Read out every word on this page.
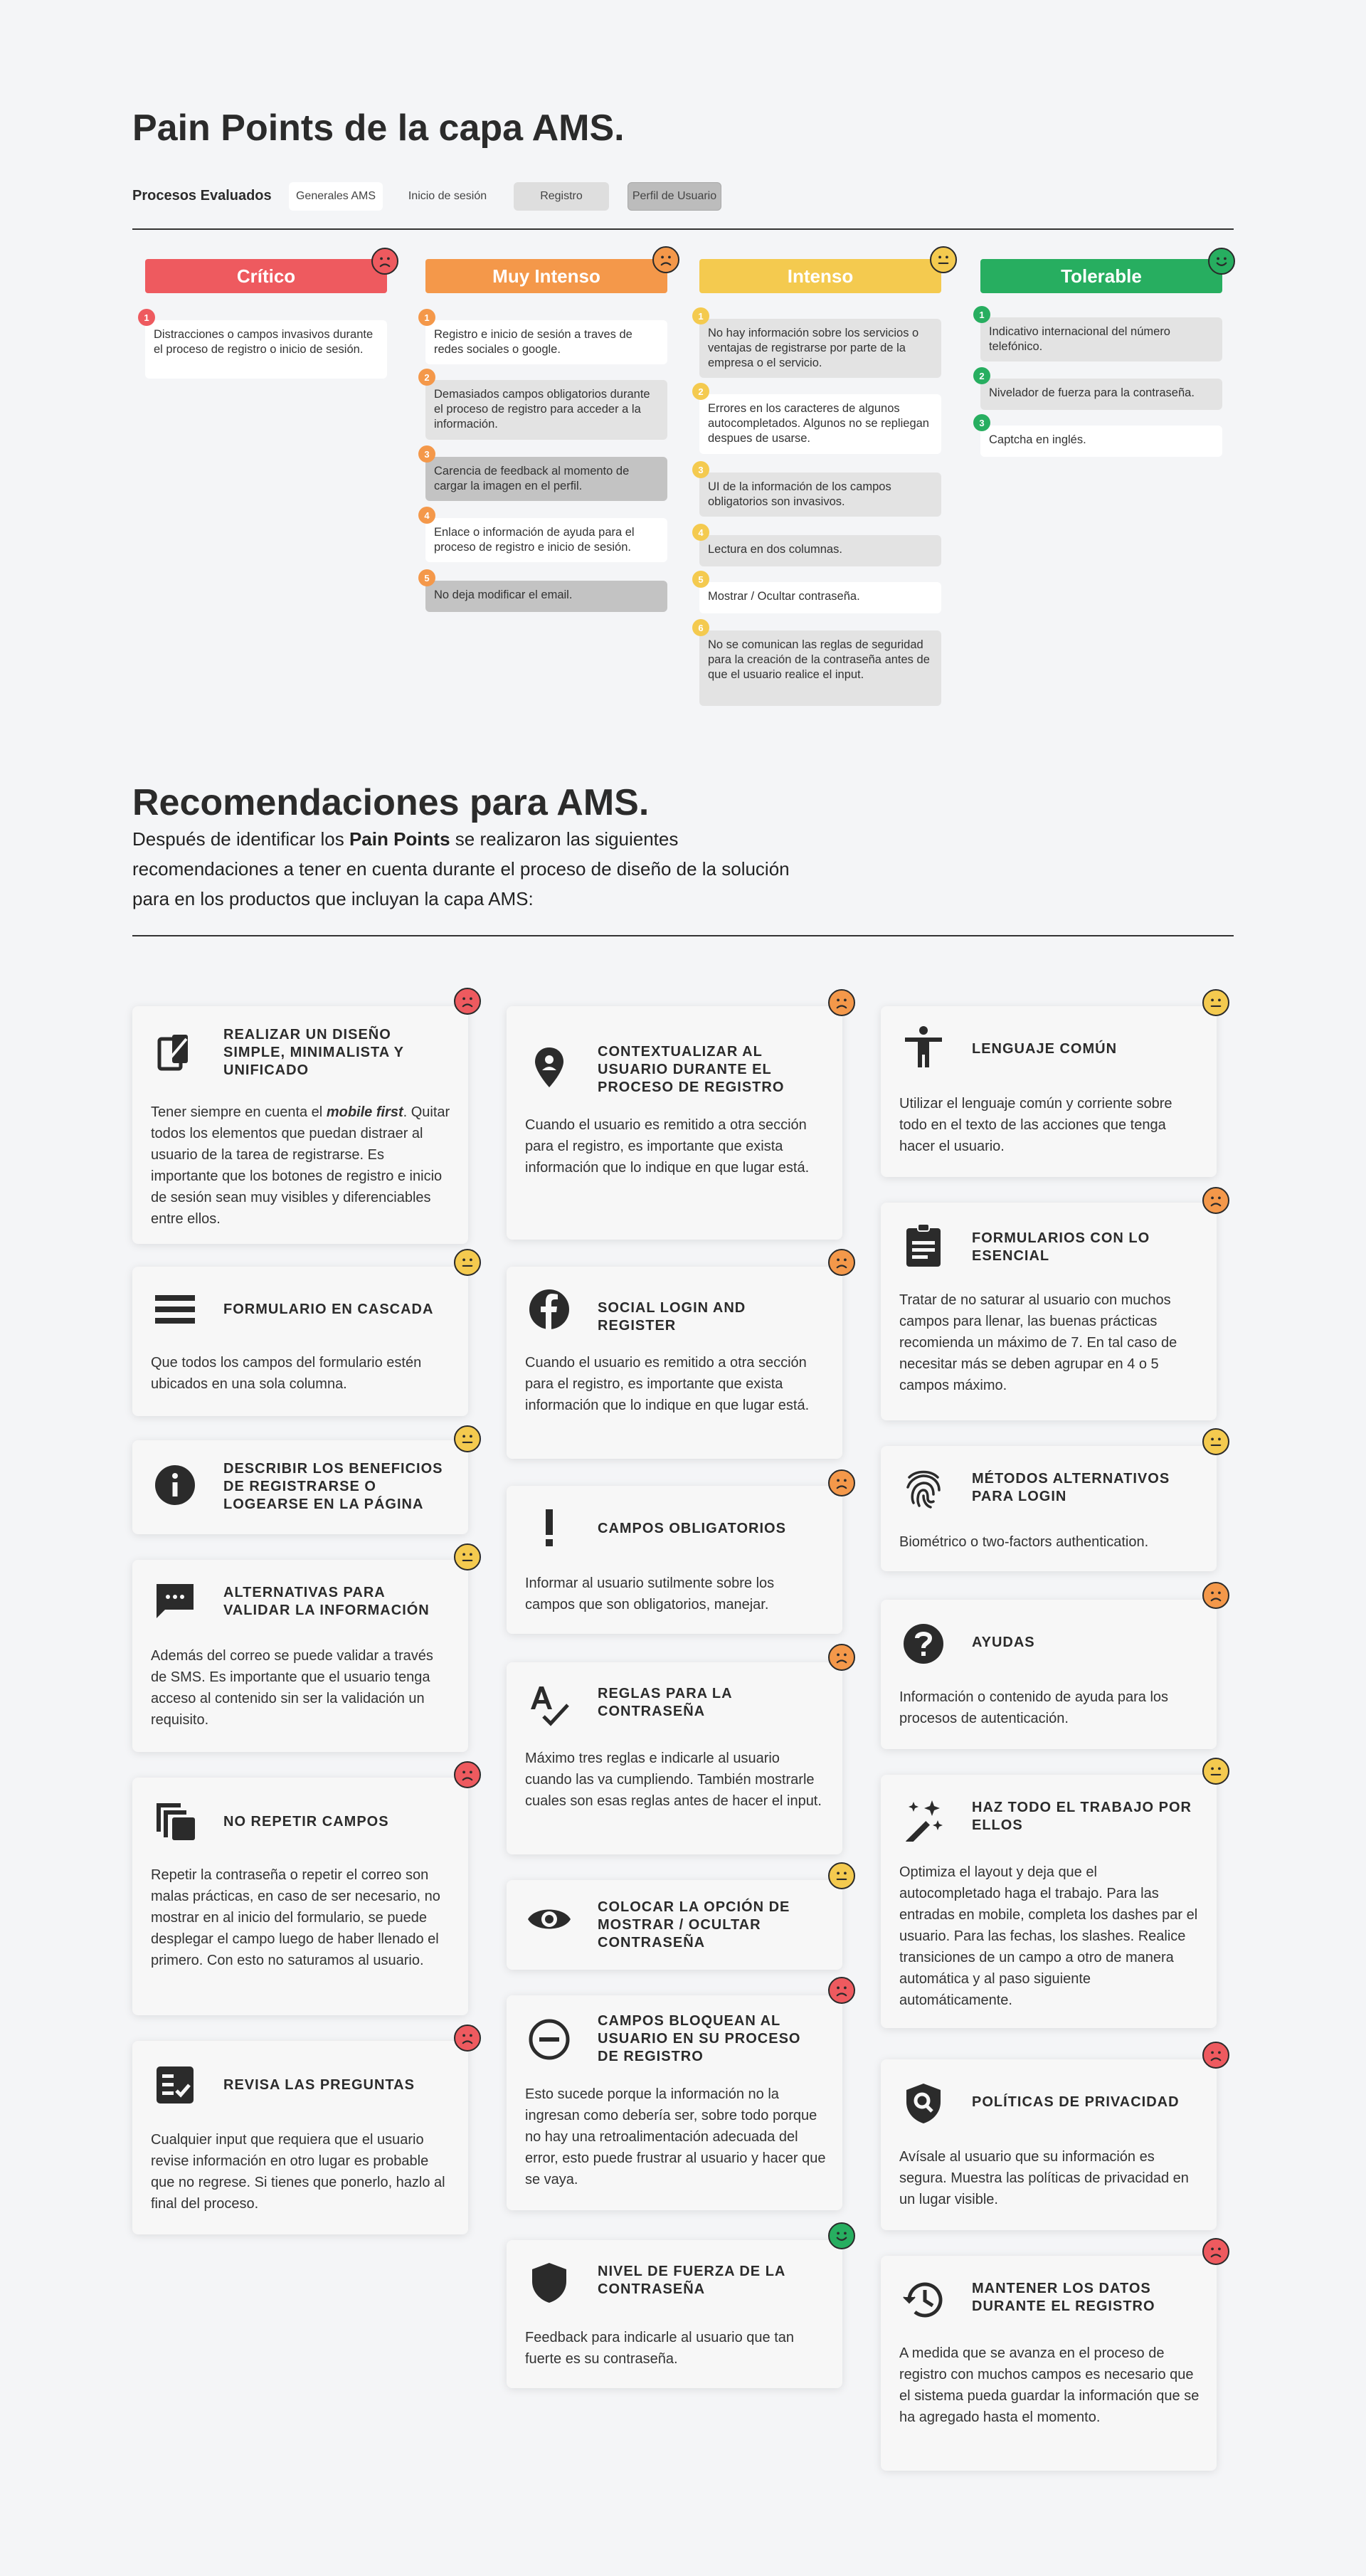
Pain Points de la capa AMS.
Procesos Evaluados	Generales AMS	Inicio de sesión	Registro	Perfil de Usuario
Crítico
1
Distracciones o campos invasivos durante el proceso de registro o inicio de sesión.
Muy Intenso
1
Registro e inicio de sesión a traves de redes sociales o google.
2
Demasiados campos obligatorios durante el proceso de registro para acceder a la información.
3
Carencia de feedback al momento de cargar la imagen en el perfil.
4
Enlace o información de ayuda para el proceso de registro e inicio de sesión.
5
No deja modificar el email.
Intenso
1
No hay información sobre los servicios o ventajas de registrarse por parte de la empresa o el servicio.
2
Errores en los caracteres de algunos autocompletados. Algunos no se repliegan despues de usarse.
3
UI de la información de los campos obligatorios son invasivos.
4
Lectura en dos columnas.
5
Mostrar / Ocultar contraseña.
6
No se comunican las reglas de seguridad para la creación de la contraseña antes de que el usuario realice el input.
Tolerable
1
Indicativo internacional del número telefónico.
2
Nivelador de fuerza para la contraseña.
3
Captcha en inglés.
Recomendaciones para AMS.
Después de identificar los Pain Points se realizaron las siguientes recomendaciones a tener en cuenta durante el proceso de diseño de la solución para en los productos que incluyan la capa AMS:
REALIZAR UN DISEÑO SIMPLE, MINIMALISTA Y UNIFICADO
Tener siempre en cuenta el mobile first. Quitar todos los elementos que puedan distraer al usuario de la tarea de registrarse. Es importante que los botones de registro e inicio de sesión sean muy visibles y diferenciables entre ellos.
FORMULARIO EN CASCADA
Que todos los campos del formulario estén ubicados en una sola columna.
DESCRIBIR LOS BENEFICIOS DE REGISTRARSE O LOGEARSE EN LA PÁGINA
ALTERNATIVAS PARA VALIDAR LA INFORMACIÓN
Además del correo se puede validar a través de SMS. Es importante que el usuario tenga acceso al contenido sin ser la validación un requisito.
NO REPETIR CAMPOS
Repetir la contraseña o repetir el correo son malas prácticas, en caso de ser necesario, no mostrar en al inicio del formulario, se puede desplegar el campo luego de haber llenado el primero. Con esto no saturamos al usuario.
REVISA LAS PREGUNTAS
Cualquier input que requiera que el usuario revise información en otro lugar es probable que no regrese. Si tienes que ponerlo, hazlo al final del proceso.
CONTEXTUALIZAR AL USUARIO DURANTE EL PROCESO DE REGISTRO
Cuando el usuario es remitido a otra sección para el registro, es importante que exista información que lo indique en que lugar está.
SOCIAL LOGIN AND REGISTER
Cuando el usuario es remitido a otra sección para el registro, es importante que exista información que lo indique en que lugar está.
CAMPOS OBLIGATORIOS
Informar al usuario sutilmente sobre los campos que son obligatorios, manejar.
REGLAS PARA LA CONTRASEÑA
Máximo tres reglas e indicarle al usuario cuando las va cumpliendo. También mostrarle cuales son esas reglas antes de hacer el input.
COLOCAR LA OPCIÓN DE MOSTRAR / OCULTAR CONTRASEÑA
CAMPOS BLOQUEAN AL USUARIO EN SU PROCESO DE REGISTRO
Esto sucede porque la información no la ingresan como debería ser, sobre todo porque no hay una retroalimentación adecuada del error, esto puede frustrar al usuario y hacer que se vaya.
NIVEL DE FUERZA DE LA CONTRASEÑA
Feedback para indicarle al usuario que tan fuerte es su contraseña.
LENGUAJE COMÚN
Utilizar el lenguaje común y corriente sobre todo en el texto de las acciones que tenga hacer el usuario.
FORMULARIOS CON LO ESENCIAL
Tratar de no saturar al usuario con muchos campos para llenar, las buenas prácticas recomienda un máximo de 7. En tal caso de necesitar más se deben agrupar en 4 o 5 campos máximo.
MÉTODOS ALTERNATIVOS PARA LOGIN
Biométrico o two-factors authentication.
AYUDAS
Información o contenido de ayuda para los procesos de autenticación.
HAZ TODO EL TRABAJO POR ELLOS
Optimiza el layout y deja que el autocompletado haga el trabajo. Para las entradas en mobile, completa los dashes par el usuario. Para las fechas, los slashes. Realice transiciones de un campo a otro de manera automática y al paso siguiente automáticamente.
POLÍTICAS DE PRIVACIDAD
Avísale al usuario que su información es segura. Muestra las políticas de privacidad en un lugar visible.
MANTENER LOS DATOS DURANTE EL REGISTRO
A medida que se avanza en el proceso de registro con muchos campos es necesario que el sistema pueda guardar la información que se ha agregado hasta el momento.
